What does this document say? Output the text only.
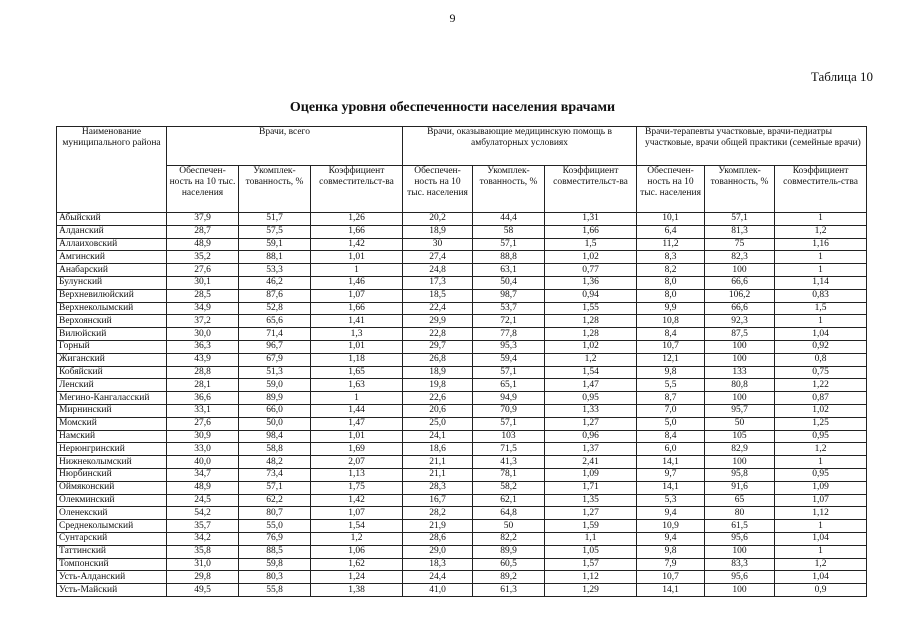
9
Таблица 10
Оценка уровня обеспеченности населения врачами
Наименование муниципального района	Врачи, всего			Врачи, оказывающие медицинскую помощь в амбулаторных условиях			Врачи-терапевты участковые, врачи-педиатры участковые, врачи общей практики (семейные врачи)		
	Обеспечен-ность на 10 тыс. населения	Укомплек-тованность, %	Коэффициент совместительст-ва	Обеспечен-ность на 10 тыс. населения	Укомплек-тованность, %	Коэффициент совместительст-ва	Обеспечен-ность на 10 тыс. населения	Укомплек-тованность, %	Коэффициент совместитель-ства
Абыйский	37,9	51,7	1,26	20,2	44,4	1,31	10,1	57,1	1
Алданский	28,7	57,5	1,66	18,9	58	1,66	6,4	81,3	1,2
Аллаиховский	48,9	59,1	1,42	30	57,1	1,5	11,2	75	1,16
Амгинский	35,2	88,1	1,01	27,4	88,8	1,02	8,3	82,3	1
Анабарский	27,6	53,3	1	24,8	63,1	0,77	8,2	100	1
Булунский	30,1	46,2	1,46	17,3	50,4	1,36	8,0	66,6	1,14
Верхневилюйский	28,5	87,6	1,07	18,5	98,7	0,94	8,0	106,2	0,83
Верхнеколымский	34,9	52,8	1,66	22,4	53,7	1,55	9,9	66,6	1,5
Верхоянский	37,2	65,6	1,41	29,9	72,1	1,28	10,8	92,3	1
Вилюйский	30,0	71,4	1,3	22,8	77,8	1,28	8,4	87,5	1,04
Горный	36,3	96,7	1,01	29,7	95,3	1,02	10,7	100	0,92
Жиганский	43,9	67,9	1,18	26,8	59,4	1,2	12,1	100	0,8
Кобяйский	28,8	51,3	1,65	18,9	57,1	1,54	9,8	133	0,75
Ленский	28,1	59,0	1,63	19,8	65,1	1,47	5,5	80,8	1,22
Мегино-Кангаласский	36,6	89,9	1	22,6	94,9	0,95	8,7	100	0,87
Мирнинский	33,1	66,0	1,44	20,6	70,9	1,33	7,0	95,7	1,02
Момский	27,6	50,0	1,47	25,0	57,1	1,27	5,0	50	1,25
Намский	30,9	98,4	1,01	24,1	103	0,96	8,4	105	0,95
Нерюнгринский	33,0	58,8	1,69	18,6	71,5	1,37	6,0	82,9	1,2
Нижнеколымский	40,0	48,2	2,07	21,1	41,3	2,41	14,1	100	1
Нюрбинский	34,7	73,4	1,13	21,1	78,1	1,09	9,7	95,8	0,95
Оймяконский	48,9	57,1	1,75	28,3	58,2	1,71	14,1	91,6	1,09
Олекминский	24,5	62,2	1,42	16,7	62,1	1,35	5,3	65	1,07
Оленекский	54,2	80,7	1,07	28,2	64,8	1,27	9,4	80	1,12
Среднеколымский	35,7	55,0	1,54	21,9	50	1,59	10,9	61,5	1
Сунтарский	34,2	76,9	1,2	28,6	82,2	1,1	9,4	95,6	1,04
Таттинский	35,8	88,5	1,06	29,0	89,9	1,05	9,8	100	1
Томпонский	31,0	59,8	1,62	18,3	60,5	1,57	7,9	83,3	1,2
Усть-Алданский	29,8	80,3	1,24	24,4	89,2	1,12	10,7	95,6	1,04
Усть-Майский	49,5	55,8	1,38	41,0	61,3	1,29	14,1	100	0,9
